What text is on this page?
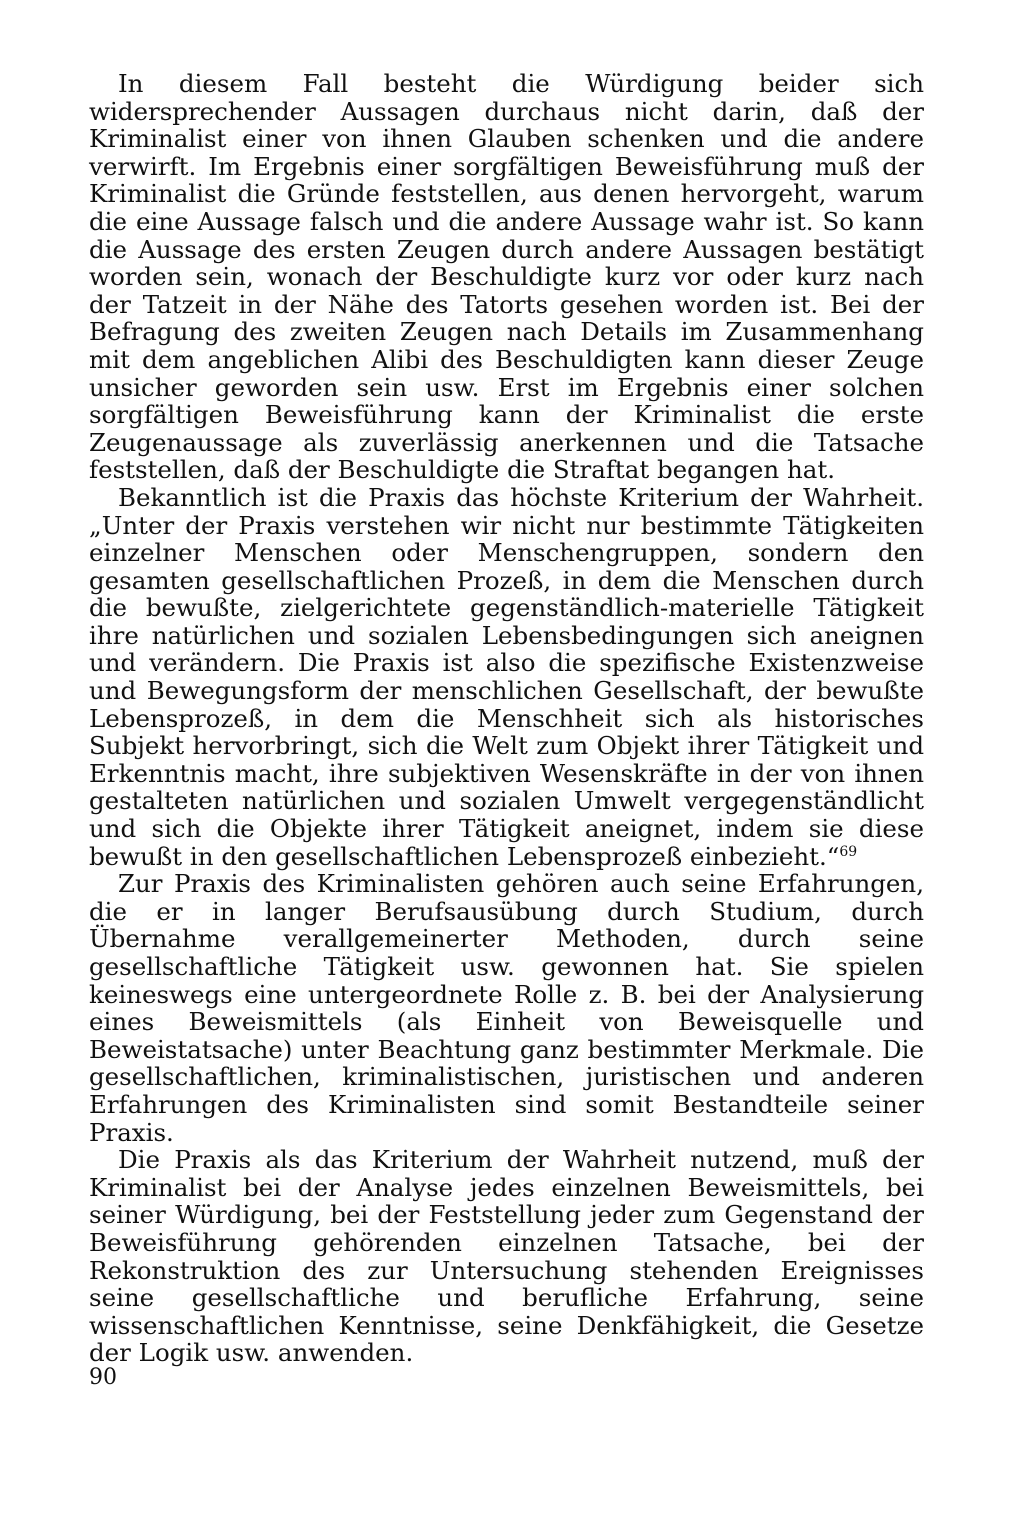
In diesem Fall besteht die Würdigung beider sich widersprechender Aussagen durchaus nicht darin, daß der Kriminalist einer von ihnen Glauben schenken und die andere verwirft. Im Ergebnis einer sorgfältigen Beweisführung muß der Kriminalist die Gründe feststellen, aus denen hervorgeht, warum die eine Aussage falsch und die andere Aussage wahr ist. So kann die Aussage des ersten Zeugen durch andere Aussagen bestätigt worden sein, wonach der Beschuldigte kurz vor oder kurz nach der Tatzeit in der Nähe des Tatorts gesehen worden ist. Bei der Befragung des zweiten Zeugen nach Details im Zusammenhang mit dem angeblichen Alibi des Beschuldigten kann dieser Zeuge unsicher geworden sein usw. Erst im Ergebnis einer solchen sorgfältigen Beweisführung kann der Kriminalist die erste Zeugenaussage als zuverlässig anerkennen und die Tatsache feststellen, daß der Beschuldigte die Straftat begangen hat.

Bekanntlich ist die Praxis das höchste Kriterium der Wahrheit. „Unter der Praxis verstehen wir nicht nur bestimmte Tätigkeiten einzelner Menschen oder Menschengruppen, sondern den gesamten gesellschaftlichen Prozeß, in dem die Menschen durch die bewußte, zielgerichtete gegenständlich-materielle Tätigkeit ihre natürlichen und sozialen Lebensbedingungen sich aneignen und verändern. Die Praxis ist also die spezifische Existenzweise und Bewegungsform der menschlichen Gesellschaft, der bewußte Lebensprozeß, in dem die Menschheit sich als historisches Subjekt hervorbringt, sich die Welt zum Objekt ihrer Tätigkeit und Erkenntnis macht, ihre subjektiven Wesenskräfte in der von ihnen gestalteten natürlichen und sozialen Umwelt vergegenständlicht und sich die Objekte ihrer Tätigkeit aneignet, indem sie diese bewußt in den gesellschaftlichen Lebensprozeß einbezieht.“$^{69}$

Zur Praxis des Kriminalisten gehören auch seine Erfahrungen, die er in langer Berufsausübung durch Studium, durch Übernahme verallgemeinerter Methoden, durch seine gesellschaftliche Tätigkeit usw. gewonnen hat. Sie spielen keineswegs eine untergeordnete Rolle z. B. bei der Analysierung eines Beweismittels (als Einheit von Beweisquelle und Beweistatsache) unter Beachtung ganz bestimmter Merkmale. Die gesellschaftlichen, kriminalistischen, juristischen und anderen Erfahrungen des Kriminalisten sind somit Bestandteile seiner Praxis.

Die Praxis als das Kriterium der Wahrheit nutzend, muß der Kriminalist bei der Analyse jedes einzelnen Beweismittels, bei seiner Würdigung, bei der Feststellung jeder zum Gegenstand der Beweisführung gehörenden einzelnen Tatsache, bei der Rekonstruktion des zur Untersuchung stehenden Ereignisses seine gesellschaftliche und berufliche Erfahrung, seine wissenschaftlichen Kenntnisse, seine Denkfähigkeit, die Gesetze der Logik usw. anwenden.

90
